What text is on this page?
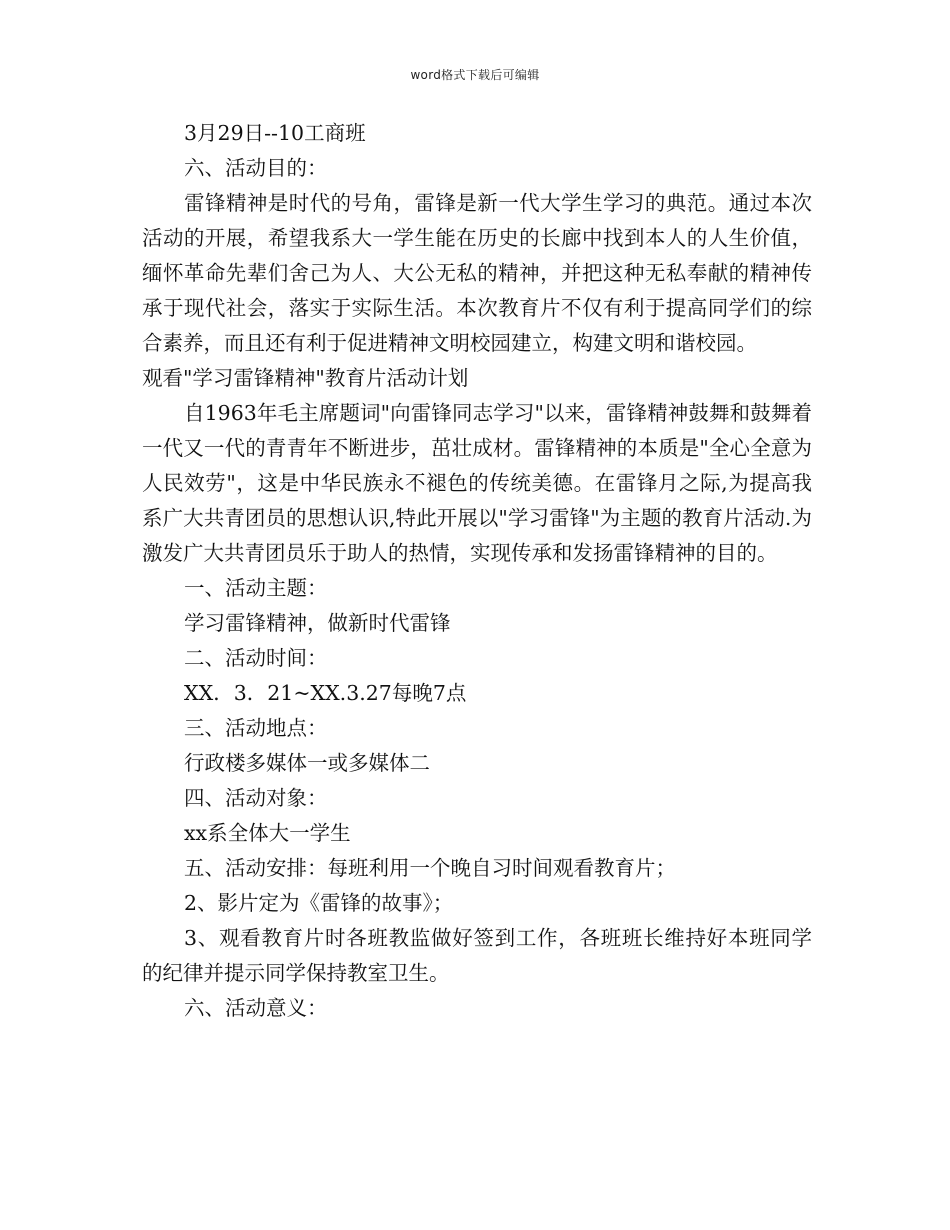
word格式下载后可编辑
3月29日--10工商班
六、活动目的：

雷锋精神是时代的号角，雷锋是新一代大学生学习的典范。通过本次活动的开展，希望我系大一学生能在历史的长廊中找到本人的人生价值，缅怀革命先辈们舍己为人、大公无私的精神，并把这种无私奉献的精神传承于现代社会，落实于实际生活。本次教育片不仅有利于提高同学们的综合素养，而且还有利于促进精神文明校园建立，构建文明和谐校园。

观看"学习雷锋精神"教育片活动计划

自1963年毛主席题词"向雷锋同志学习"以来，雷锋精神鼓舞和鼓舞着一代又一代的青青年不断进步，茁壮成材。雷锋精神的本质是"全心全意为人民效劳"，这是中华民族永不褪色的传统美德。在雷锋月之际,为提高我系广大共青团员的思想认识,特此开展以"学习雷锋"为主题的教育片活动.为激发广大共青团员乐于助人的热情，实现传承和发扬雷锋精神的目的。

一、活动主题：
学习雷锋精神，做新时代雷锋
二、活动时间：
XX．3．21~XX.3.27每晚7点
三、活动地点：
行政楼多媒体一或多媒体二
四、活动对象：
xx系全体大一学生
五、活动安排：每班利用一个晚自习时间观看教育片；
2、影片定为《雷锋的故事》；

3、观看教育片时各班教监做好签到工作，各班班长维持好本班同学的纪律并提示同学保持教室卫生。

六、活动意义：
